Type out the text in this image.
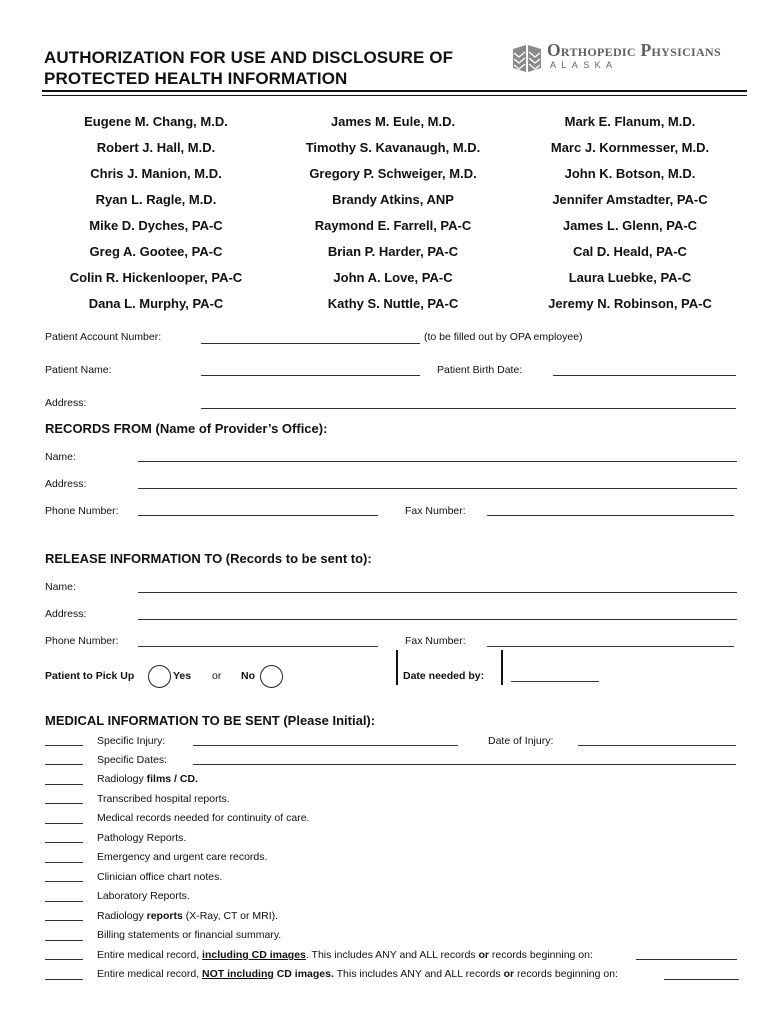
AUTHORIZATION FOR USE AND DISCLOSURE OF
PROTECTED HEALTH INFORMATION
Orthopedic Physicians
ALASKA
Eugene M. Chang, M.D.	James M. Eule, M.D.	Mark E. Flanum, M.D.
Robert J. Hall, M.D.	Timothy S. Kavanaugh, M.D.	Marc J. Kornmesser, M.D.
Chris J. Manion, M.D.	Gregory P. Schweiger, M.D.	John K. Botson, M.D.
Ryan L. Ragle, M.D.	Brandy Atkins, ANP	Jennifer Amstadter, PA-C
Mike D. Dyches, PA-C	Raymond E. Farrell, PA-C	James L. Glenn, PA-C
Greg A. Gootee, PA-C	Brian P. Harder, PA-C	Cal D. Heald, PA-C
Colin R. Hickenlooper, PA-C	John A. Love, PA-C	Laura Luebke, PA-C
Dana L. Murphy, PA-C	Kathy S. Nuttle, PA-C	Jeremy N. Robinson, PA-C
Patient Account Number:	(to be filled out by OPA employee)
Patient Name:	Patient Birth Date:
Address:
RECORDS FROM (Name of Provider’s Office):
Name:
Address:
Phone Number:	Fax Number:
RELEASE INFORMATION TO (Records to be sent to):
Name:
Address:
Phone Number:	Fax Number:
Patient to Pick Up	Yes or No	Date needed by:
MEDICAL INFORMATION TO BE SENT (Please Initial):
Specific Injury:	Date of Injury:
Specific Dates:
Radiology films / CD.
Transcribed hospital reports.
Medical records needed for continuity of care.
Pathology Reports.
Emergency and urgent care records.
Clinician office chart notes.
Laboratory Reports.
Radiology reports (X-Ray, CT or MRI).
Billing statements or financial summary.
Entire medical record, including CD images. This includes ANY and ALL records or records beginning on:
Entire medical record, NOT including CD images. This includes ANY and ALL records or records beginning on:
